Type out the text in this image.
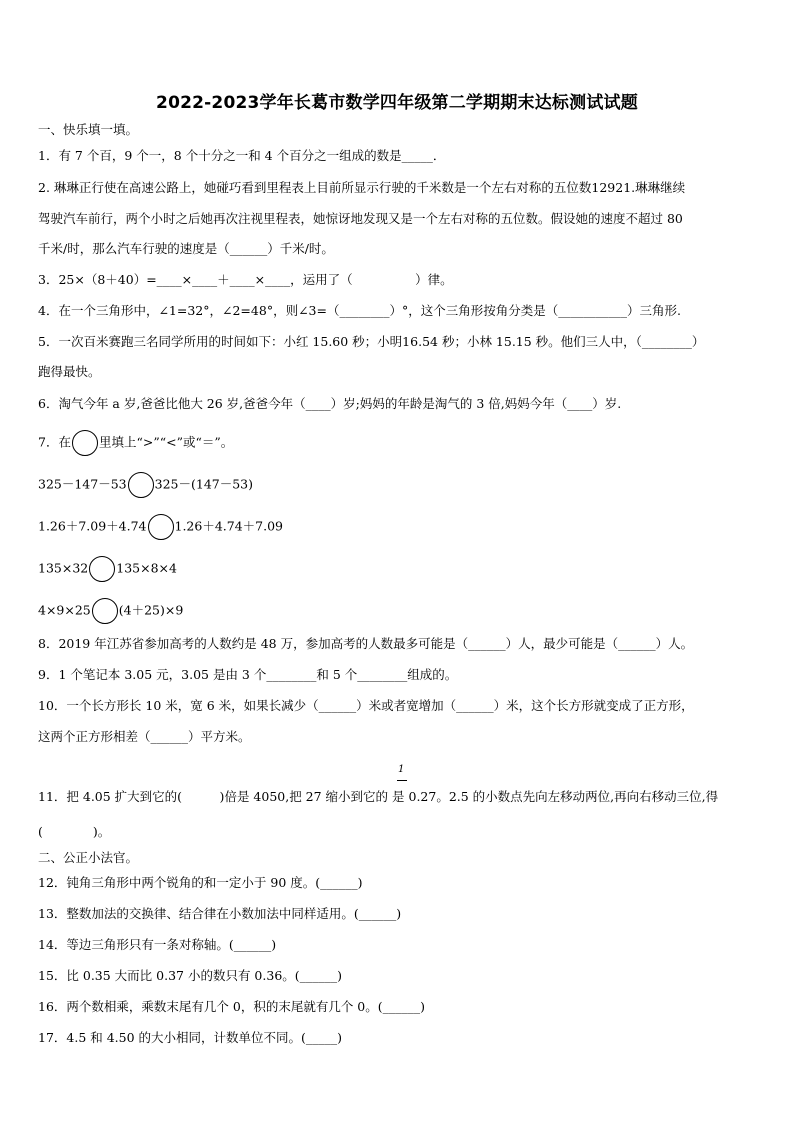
2022-2023学年长葛市数学四年级第二学期期末达标测试试题
一、快乐填一填。
1．有 7 个百，9 个一，8 个十分之一和 4 个百分之一组成的数是_____．
2. 琳琳正行使在高速公路上，她碰巧看到里程表上目前所显示行驶的千米数是一个左右对称的五位数12921.琳琳继续
驾驶汽车前行，两个小时之后她再次注视里程表，她惊讶地发现又是一个左右对称的五位数。假设她的速度不超过 80
千米/时，那么汽车行驶的速度是（______）千米/时。
3．25×（8＋40）=____×____＋____×____，运用了（　　　　　）律。
4．在一个三角形中，∠1=32°，∠2=48°，则∠3=（________）°，这个三角形按角分类是（___________）三角形.
5．一次百米赛跑三名同学所用的时间如下：小红 15.60 秒；小明16.54 秒；小林 15.15 秒。他们三人中，（________）
跑得最快。
6．淘气今年 a 岁,爸爸比他大 26 岁,爸爸今年（____）岁;妈妈的年龄是淘气的 3 倍,妈妈今年（____）岁.
7．在 里填上“>”“<”或“＝”。
325－147－53 325－(147－53)
1.26＋7.09＋4.74 1.26＋4.74＋7.09
135×32 135×8×4
4×9×25 (4＋25)×9
8．2019 年江苏省参加高考的人数约是 48 万，参加高考的人数最多可能是（______）人，最少可能是（______）人。
9．1 个笔记本 3.05 元，3.05 是由 3 个________和 5 个________组成的。
10．一个长方形长 10 米，宽 6 米，如果长减少（______）米或者宽增加（______）米，这个长方形就变成了正方形，
这两个正方形相差（______）平方米。
1
11．把 4.05 扩大到它的(　　　)倍是 4050,把 27 缩小到它的 是 0.27。2.5 的小数点先向左移动两位,再向右移动三位,得
(　　　　)。
二、公正小法官。
12．钝角三角形中两个锐角的和一定小于 90 度。(______)
13．整数加法的交换律、结合律在小数加法中同样适用。(______)
14．等边三角形只有一条对称轴。(______)
15．比 0.35 大而比 0.37 小的数只有 0.36。(______)
16．两个数相乘，乘数末尾有几个 0，积的末尾就有几个 0。(______)
17．4.5 和 4.50 的大小相同，计数单位不同。(_____)
